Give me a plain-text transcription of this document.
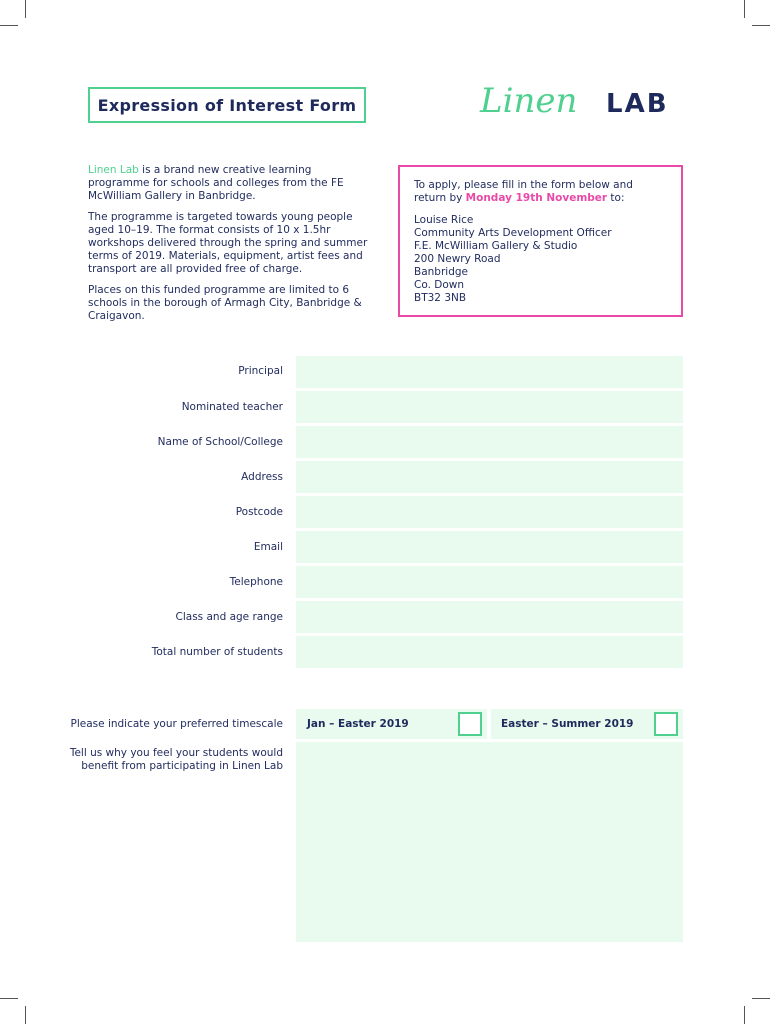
Expression of Interest Form	Linen LAB

Linen Lab is a brand new creative learning programme for schools and colleges from the FE McWilliam Gallery in Banbridge.

The programme is targeted towards young people aged 10–19. The format consists of 10 x 1.5hr workshops delivered through the spring and summer terms of 2019. Materials, equipment, artist fees and transport are all provided free of charge.

Places on this funded programme are limited to 6 schools in the borough of Armagh City, Banbridge & Craigavon.

To apply, please fill in the form below and return by Monday 19th November to:

Louise Rice
Community Arts Development Officer
F.E. McWilliam Gallery & Studio
200 Newry Road
Banbridge
Co. Down
BT32 3NB
Principal
Nominated teacher
Name of School/College
Address
Postcode
Email
Telephone
Class and age range
Total number of students
Please indicate your preferred timescale Jan – Easter 2019	Easter – Summer 2019
Tell us why you feel your students would
benefit from participating in Linen Lab
